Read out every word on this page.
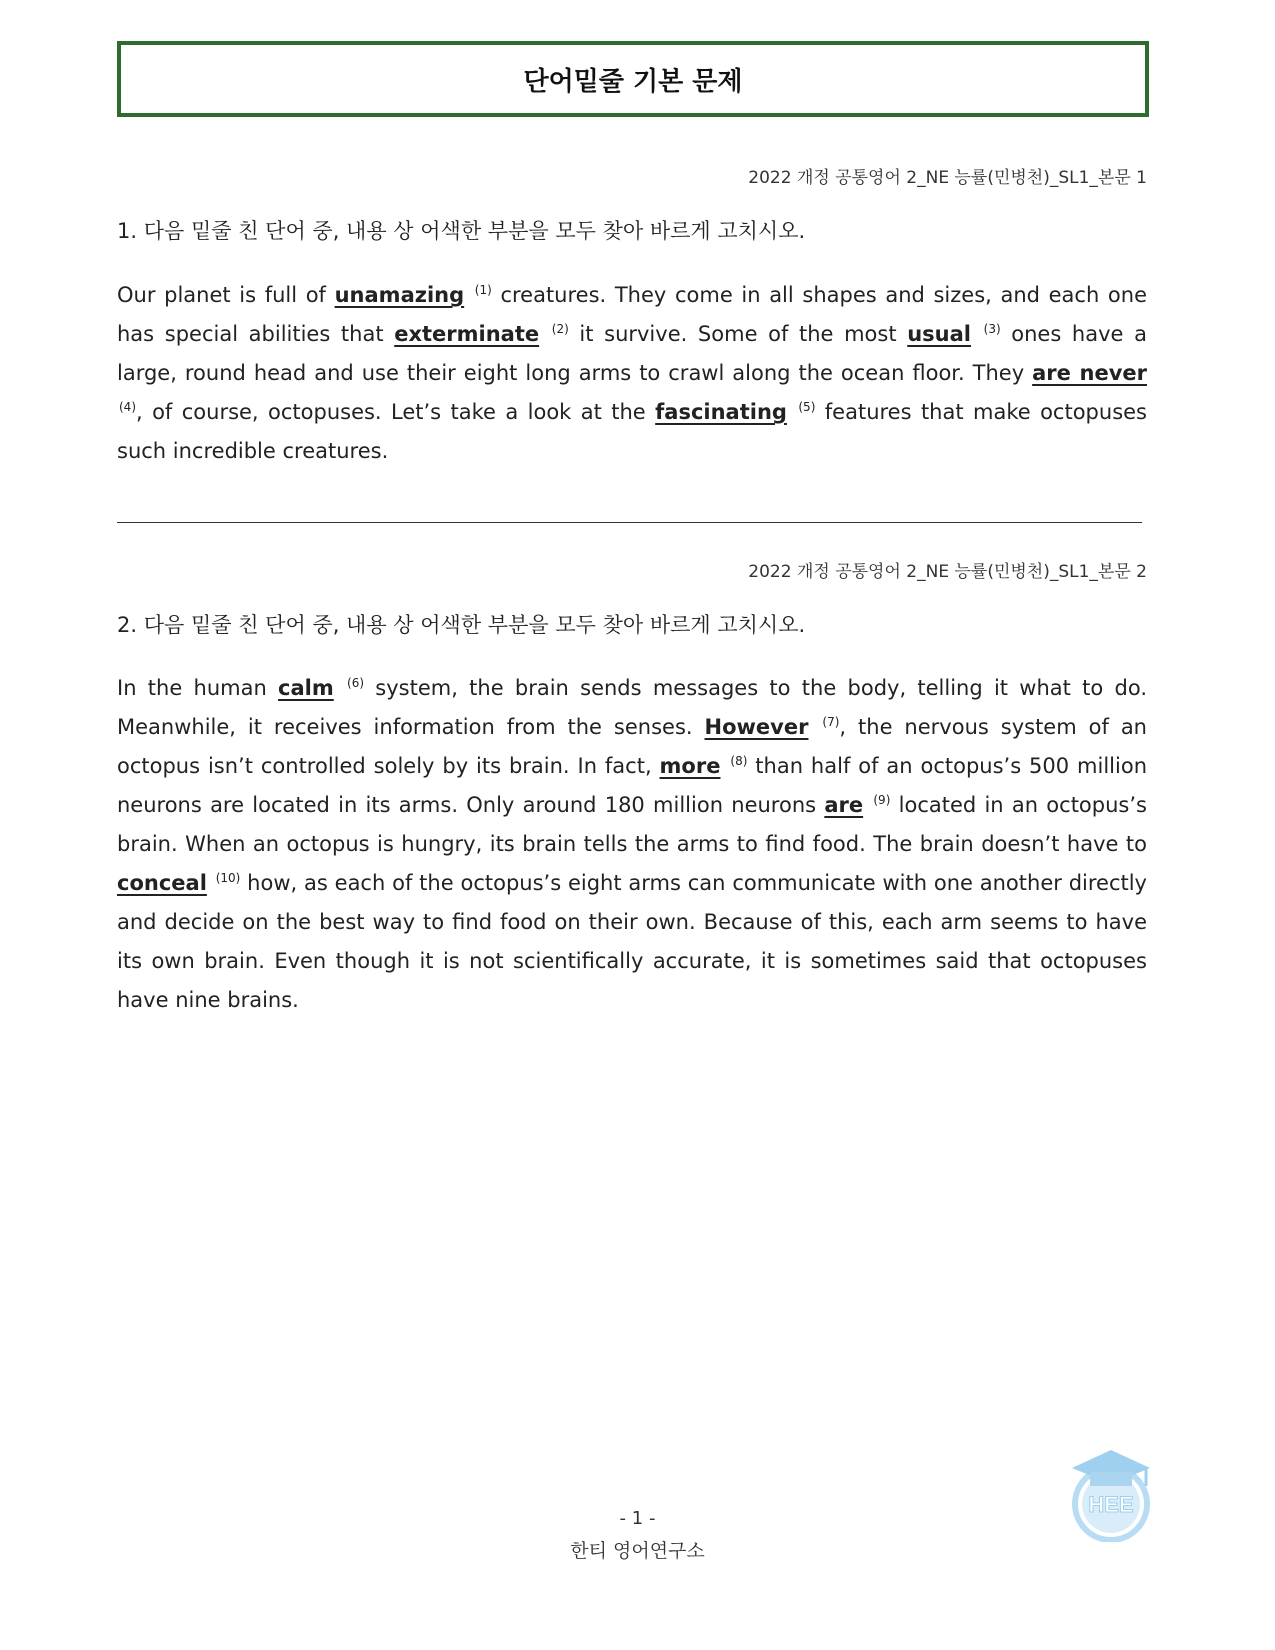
단어밑줄 기본 문제
2022 개정 공통영어 2_NE 능률(민병천)_SL1_본문 1
1. 다음 밑줄 친 단어 중, 내용 상 어색한 부분을 모두 찾아 바르게 고치시오.
Our planet is full of unamazing $^{(1)}$ creatures. They come in all shapes and sizes, and each one has special abilities that exterminate $^{(2)}$ it survive. Some of the most usual $^{(3)}$ ones have a large, round head and use their eight long arms to crawl along the ocean floor. They are never $^{(4)}$, of course, octopuses. Let’s take a look at the fascinating $^{(5)}$ features that make octopuses such incredible creatures.
2022 개정 공통영어 2_NE 능률(민병천)_SL1_본문 2
2. 다음 밑줄 친 단어 중, 내용 상 어색한 부분을 모두 찾아 바르게 고치시오.
In the human calm $^{(6)}$ system, the brain sends messages to the body, telling it what to do. Meanwhile, it receives information from the senses. However $^{(7)}$, the nervous system of an octopus isn’t controlled solely by its brain. In fact, more $^{(8)}$ than half of an octopus’s 500 million neurons are located in its arms. Only around 180 million neurons are $^{(9)}$ located in an octopus’s brain. When an octopus is hungry, its brain tells the arms to find food. The brain doesn’t have to conceal $^{(10)}$ how, as each of the octopus’s eight arms can communicate with one another directly and decide on the best way to find food on their own. Because of this, each arm seems to have its own brain. Even though it is not scientifically accurate, it is sometimes said that octopuses have nine brains.
HEE
- 1 -
한티 영어연구소
